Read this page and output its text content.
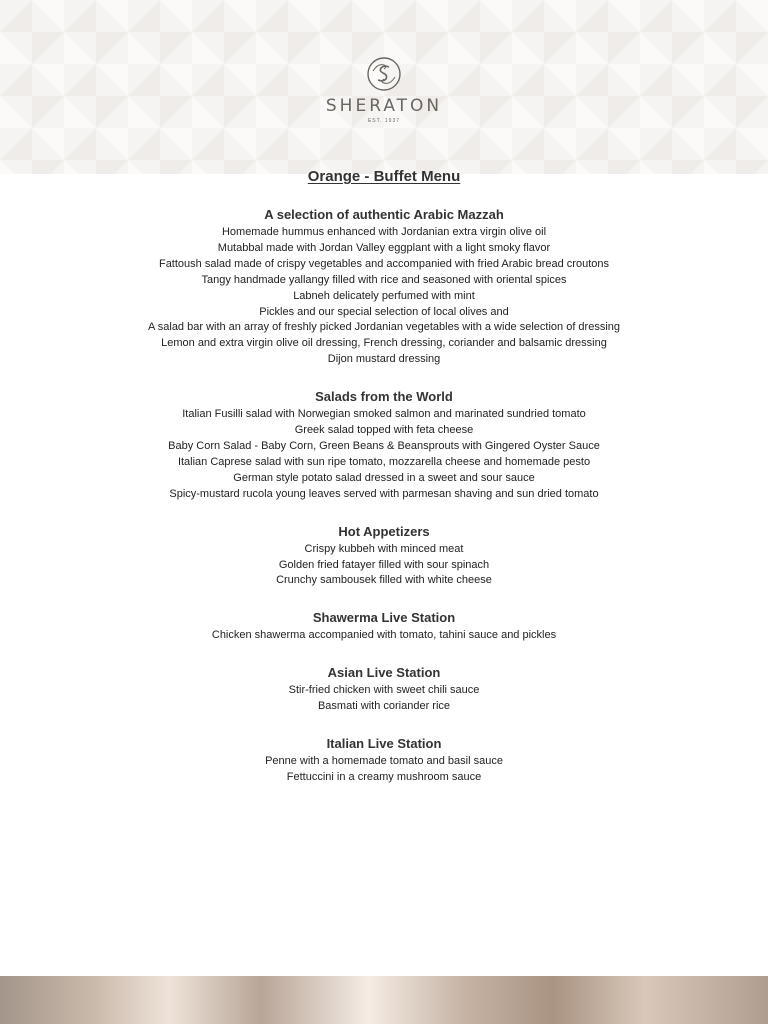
SHERATON
EST. 1937
Orange - Buffet Menu
A selection of authentic Arabic Mazzah

Homemade hummus enhanced with Jordanian extra virgin olive oil

Mutabbal made with Jordan Valley eggplant with a light smoky flavor

Fattoush salad made of crispy vegetables and accompanied with fried Arabic bread croutons

Tangy handmade yallangy filled with rice and seasoned with oriental spices

Labneh delicately perfumed with mint

Pickles and our special selection of local olives and

A salad bar with an array of freshly picked Jordanian vegetables with a wide selection of dressing

Lemon and extra virgin olive oil dressing, French dressing, coriander and balsamic dressing

Dijon mustard dressing

Salads from the World

Italian Fusilli salad with Norwegian smoked salmon and marinated sundried tomato

Greek salad topped with feta cheese

Baby Corn Salad - Baby Corn, Green Beans & Beansprouts with Gingered Oyster Sauce

Italian Caprese salad with sun ripe tomato, mozzarella cheese and homemade pesto

German style potato salad dressed in a sweet and sour sauce

Spicy-mustard rucola young leaves served with parmesan shaving and sun dried tomato

Hot Appetizers

Crispy kubbeh with minced meat

Golden fried fatayer filled with sour spinach

Crunchy sambousek filled with white cheese

Shawerma Live Station

Chicken shawerma accompanied with tomato, tahini sauce and pickles

Asian Live Station

Stir-fried chicken with sweet chili sauce

Basmati with coriander rice

Italian Live Station

Penne with a homemade tomato and basil sauce

Fettuccini in a creamy mushroom sauce
